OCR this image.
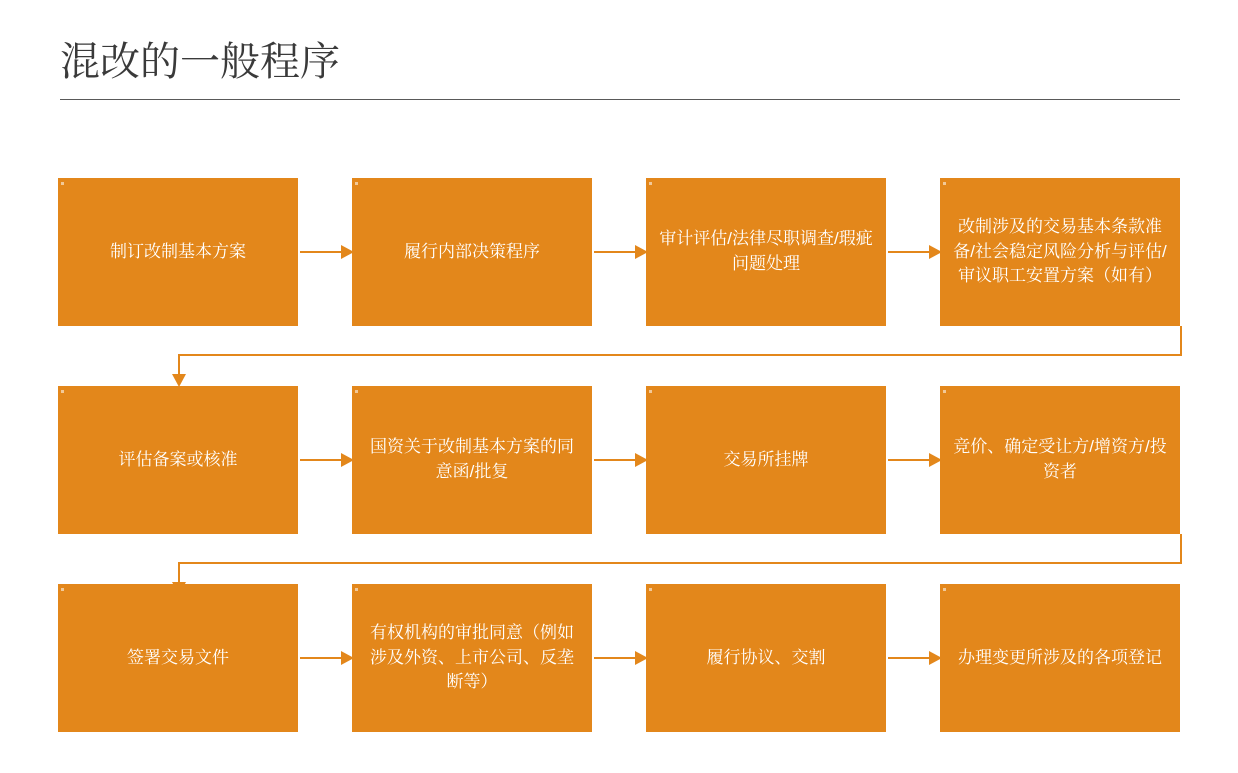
混改的一般程序
制订改制基本方案	履行内部决策程序
审计评估/法律尽职调查/瑕疵问题处理
改制涉及的交易基本条款准备/社会稳定风险分析与评估/审议职工安置方案（如有）
评估备案或核准
国资关于改制基本方案的同意函/批复
交易所挂牌
竞价、确定受让方/增资方/投资者
签署交易文件
有权机构的审批同意（例如涉及外资、上市公司、反垄断等）
履行协议、交割	办理变更所涉及的各项登记
